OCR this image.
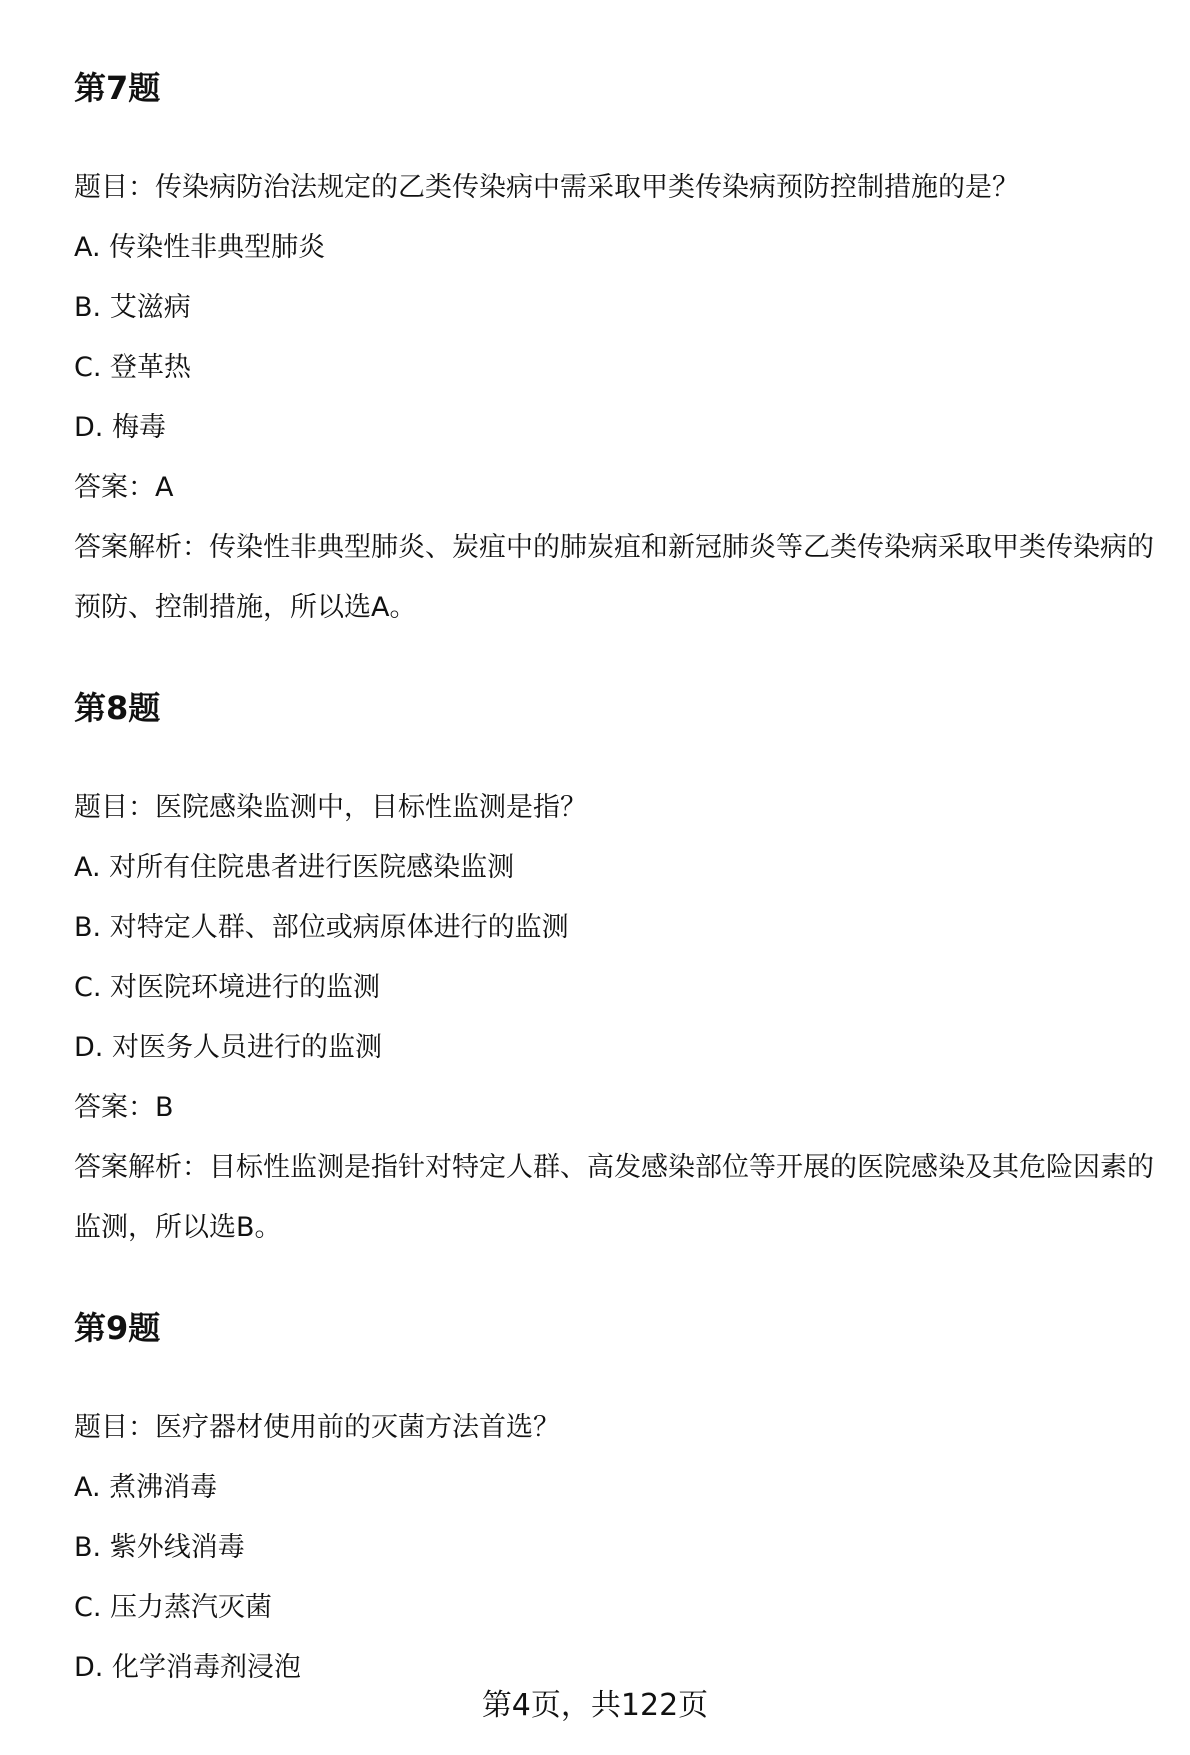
第7题
题目：传染病防治法规定的乙类传染病中需采取甲类传染病预防控制措施的是？
A. 传染性非典型肺炎
B. 艾滋病
C. 登革热
D. 梅毒
答案：A
答案解析：传染性非典型肺炎、炭疽中的肺炭疽和新冠肺炎等乙类传染病采取甲类传染病的预防、控制措施，所以选A。
第8题
题目：医院感染监测中，目标性监测是指？
A. 对所有住院患者进行医院感染监测
B. 对特定人群、部位或病原体进行的监测
C. 对医院环境进行的监测
D. 对医务人员进行的监测
答案：B
答案解析：目标性监测是指针对特定人群、高发感染部位等开展的医院感染及其危险因素的监测，所以选B。
第9题
题目：医疗器材使用前的灭菌方法首选？
A. 煮沸消毒
B. 紫外线消毒
C. 压力蒸汽灭菌
D. 化学消毒剂浸泡
第4页，共122页
